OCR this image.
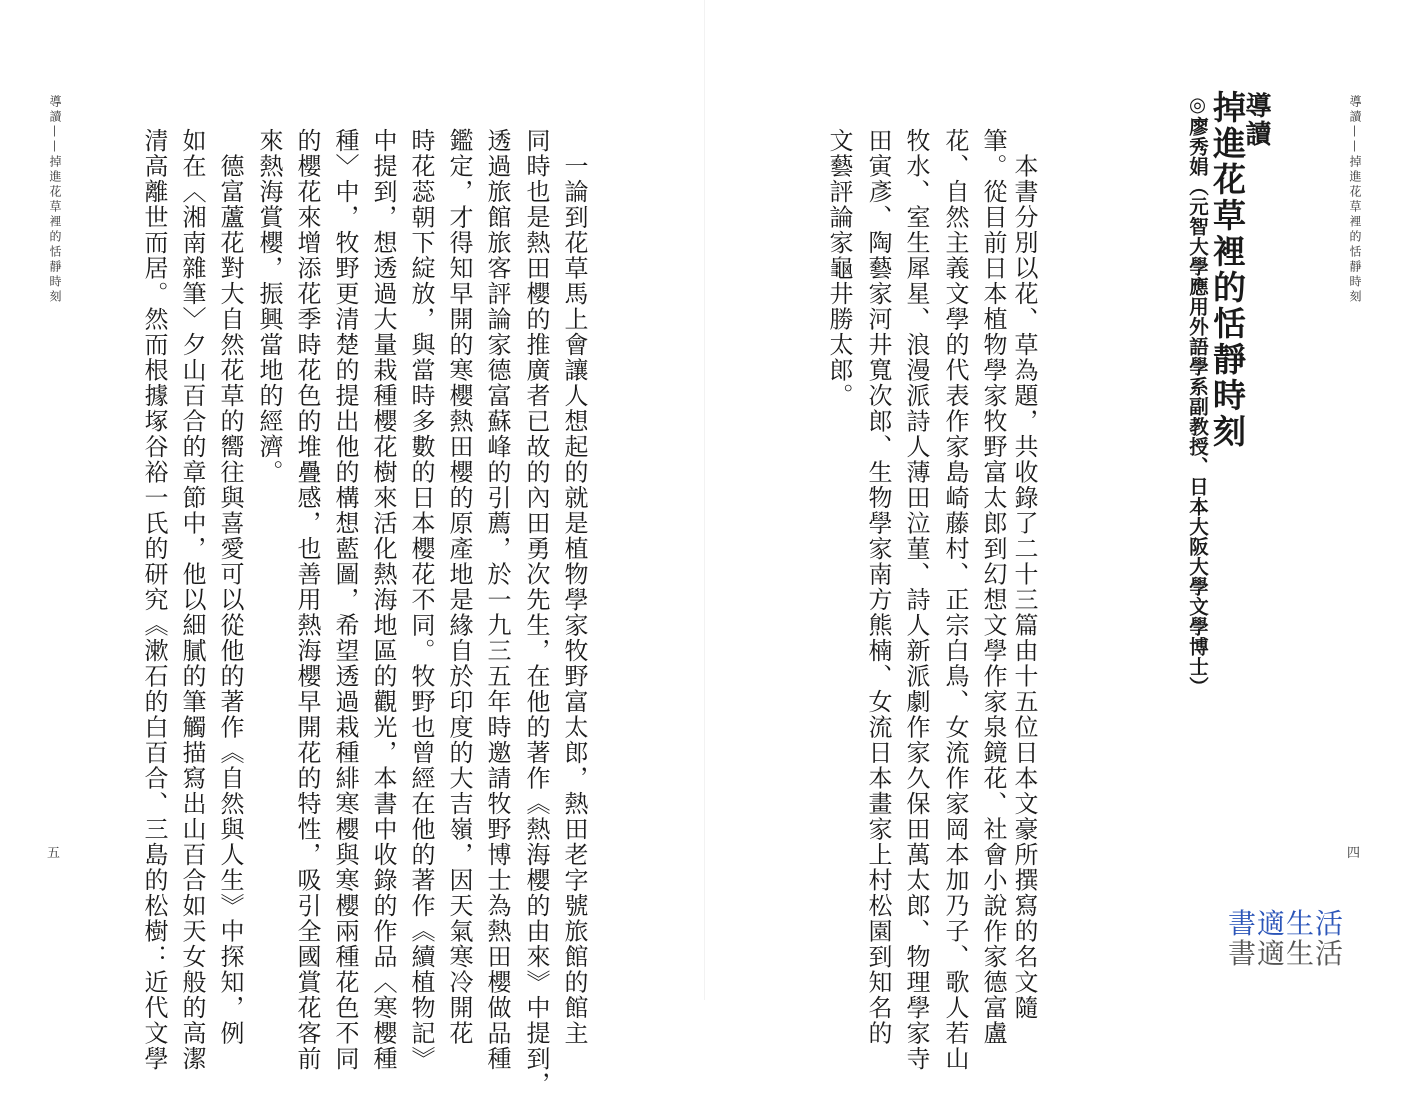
導讀——掉進花草裡的恬靜時刻
導讀
掉進花草裡的恬靜時刻
◎廖秀娟（元智大學應用外語學系副教授、日本大阪大學文學博士）
　本書分別以花、草為題，共收錄了二十三篇由十五位日本文豪所撰寫的名文隨
筆。從目前日本植物學家牧野富太郎到幻想文學作家泉鏡花、社會小說作家德富盧
花、自然主義文學的代表作家島崎藤村、正宗白鳥、女流作家岡本加乃子、歌人若山
牧水、室生犀星、浪漫派詩人薄田泣菫、詩人新派劇作家久保田萬太郎、物理學家寺
田寅彥、陶藝家河井寬次郎、生物學家南方熊楠、女流日本畫家上村松園到知名的
文藝評論家龜井勝太郎。
四
導讀——掉進花草裡的恬靜時刻	　一論到花草馬上會讓人想起的就是植物學家牧野富太郎，熱田老字號旅館的館主
同時也是熱田櫻的推廣者已故的內田勇次先生，在他的著作《熱海櫻的由來》中提到，
透過旅館旅客評論家德富蘇峰的引薦，於一九三五年時邀請牧野博士為熱田櫻做品種
鑑定，才得知早開的寒櫻熱田櫻的原產地是緣自於印度的大吉嶺，因天氣寒冷開花
時花蕊朝下綻放，與當時多數的日本櫻花不同。牧野也曾經在他的著作《續植物記》
中提到，想透過大量栽種櫻花樹來活化熱海地區的觀光，本書中收錄的作品〈寒櫻種
種〉中，牧野更清楚的提出他的構想藍圖，希望透過栽種緋寒櫻與寒櫻兩種花色不同
的櫻花來增添花季時花色的堆疊感，也善用熱海櫻早開花的特性，吸引全國賞花客前
來熱海賞櫻，振興當地的經濟。
　德富蘆花對大自然花草的嚮往與喜愛可以從他的著作《自然與人生》中探知，例
如在〈湘南雜筆〉夕山百合的章節中，他以細膩的筆觸描寫出山百合如天女般的高潔
清高離世而居。然而根據塚谷裕一氏的研究《漱石的白百合、三島的松樹：近代文學
五
書適生活
書適生活
